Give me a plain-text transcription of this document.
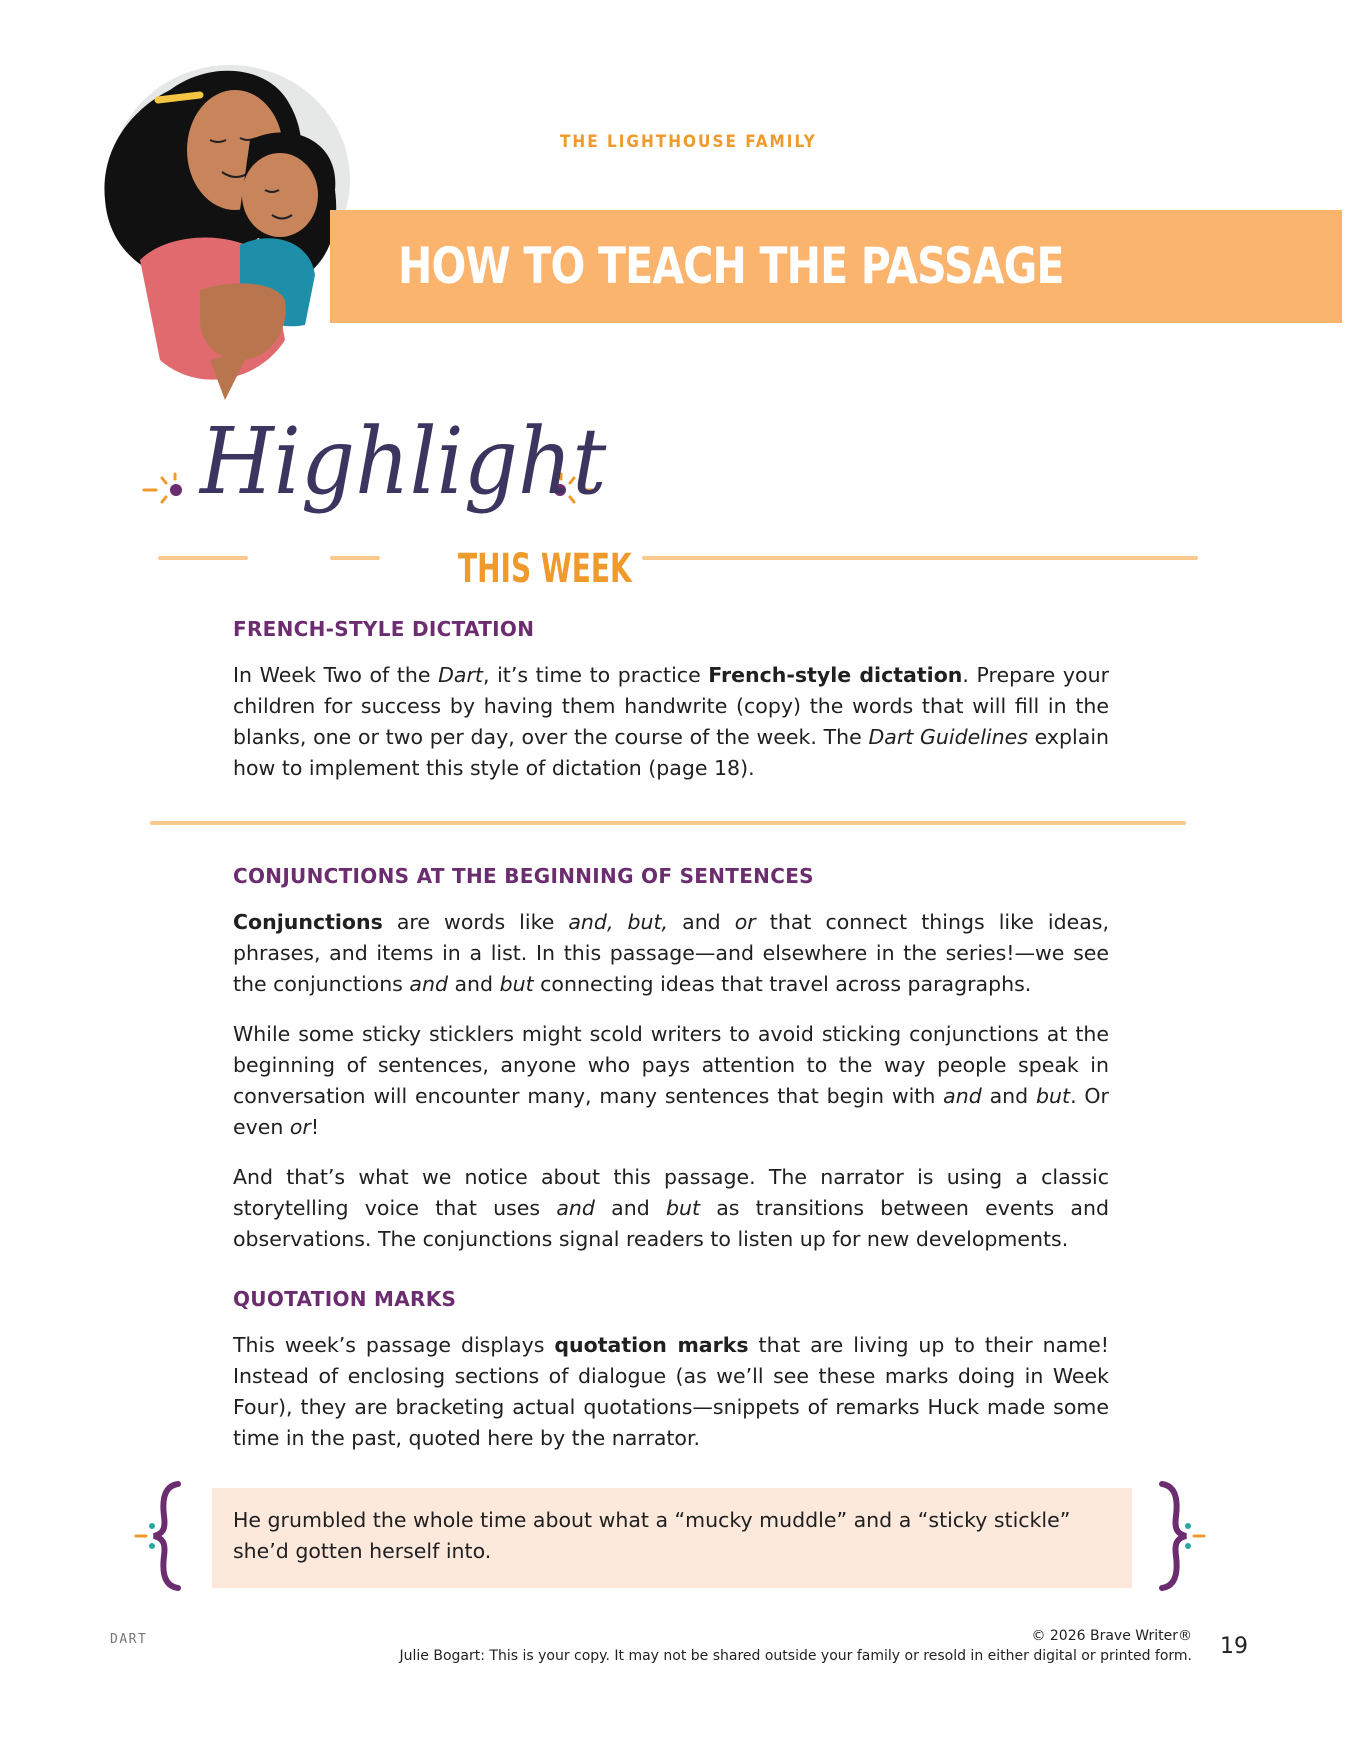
THE LIGHTHOUSE FAMILY
HOW TO TEACH THE PASSAGE
Highlight
THIS WEEK
FRENCH-STYLE DICTATION
In Week Two of the Dart, it’s time to practice French-style dictation. Prepare your children for success by having them handwrite (copy) the words that will fill in the blanks, one or two per day, over the course of the week. The Dart Guidelines explain how to implement this style of dictation (page 18).
CONJUNCTIONS AT THE BEGINNING OF SENTENCES
Conjunctions are words like and, but, and or that connect things like ideas, phrases, and items in a list. In this passage—and elsewhere in the series!—we see the conjunctions and and but connecting ideas that travel across paragraphs.
While some sticky sticklers might scold writers to avoid sticking conjunctions at the beginning of sentences, anyone who pays attention to the way people speak in conversation will encounter many, many sentences that begin with and and but. Or even or!
And that’s what we notice about this passage. The narrator is using a classic storytelling voice that uses and and but as transitions between events and observations. The conjunctions signal readers to listen up for new developments.
QUOTATION MARKS
This week’s passage displays quotation marks that are living up to their name! Instead of enclosing sections of dialogue (as we’ll see these marks doing in Week Four), they are bracketing actual quotations—snippets of remarks Huck made some time in the past, quoted here by the narrator.
He grumbled the whole time about what a “mucky muddle” and a “sticky stickle” she’d gotten herself into.
DART	© 2026 Brave Writer®
Julie Bogart: This is your copy. It may not be shared outside your family or resold in either digital or printed form. 19
